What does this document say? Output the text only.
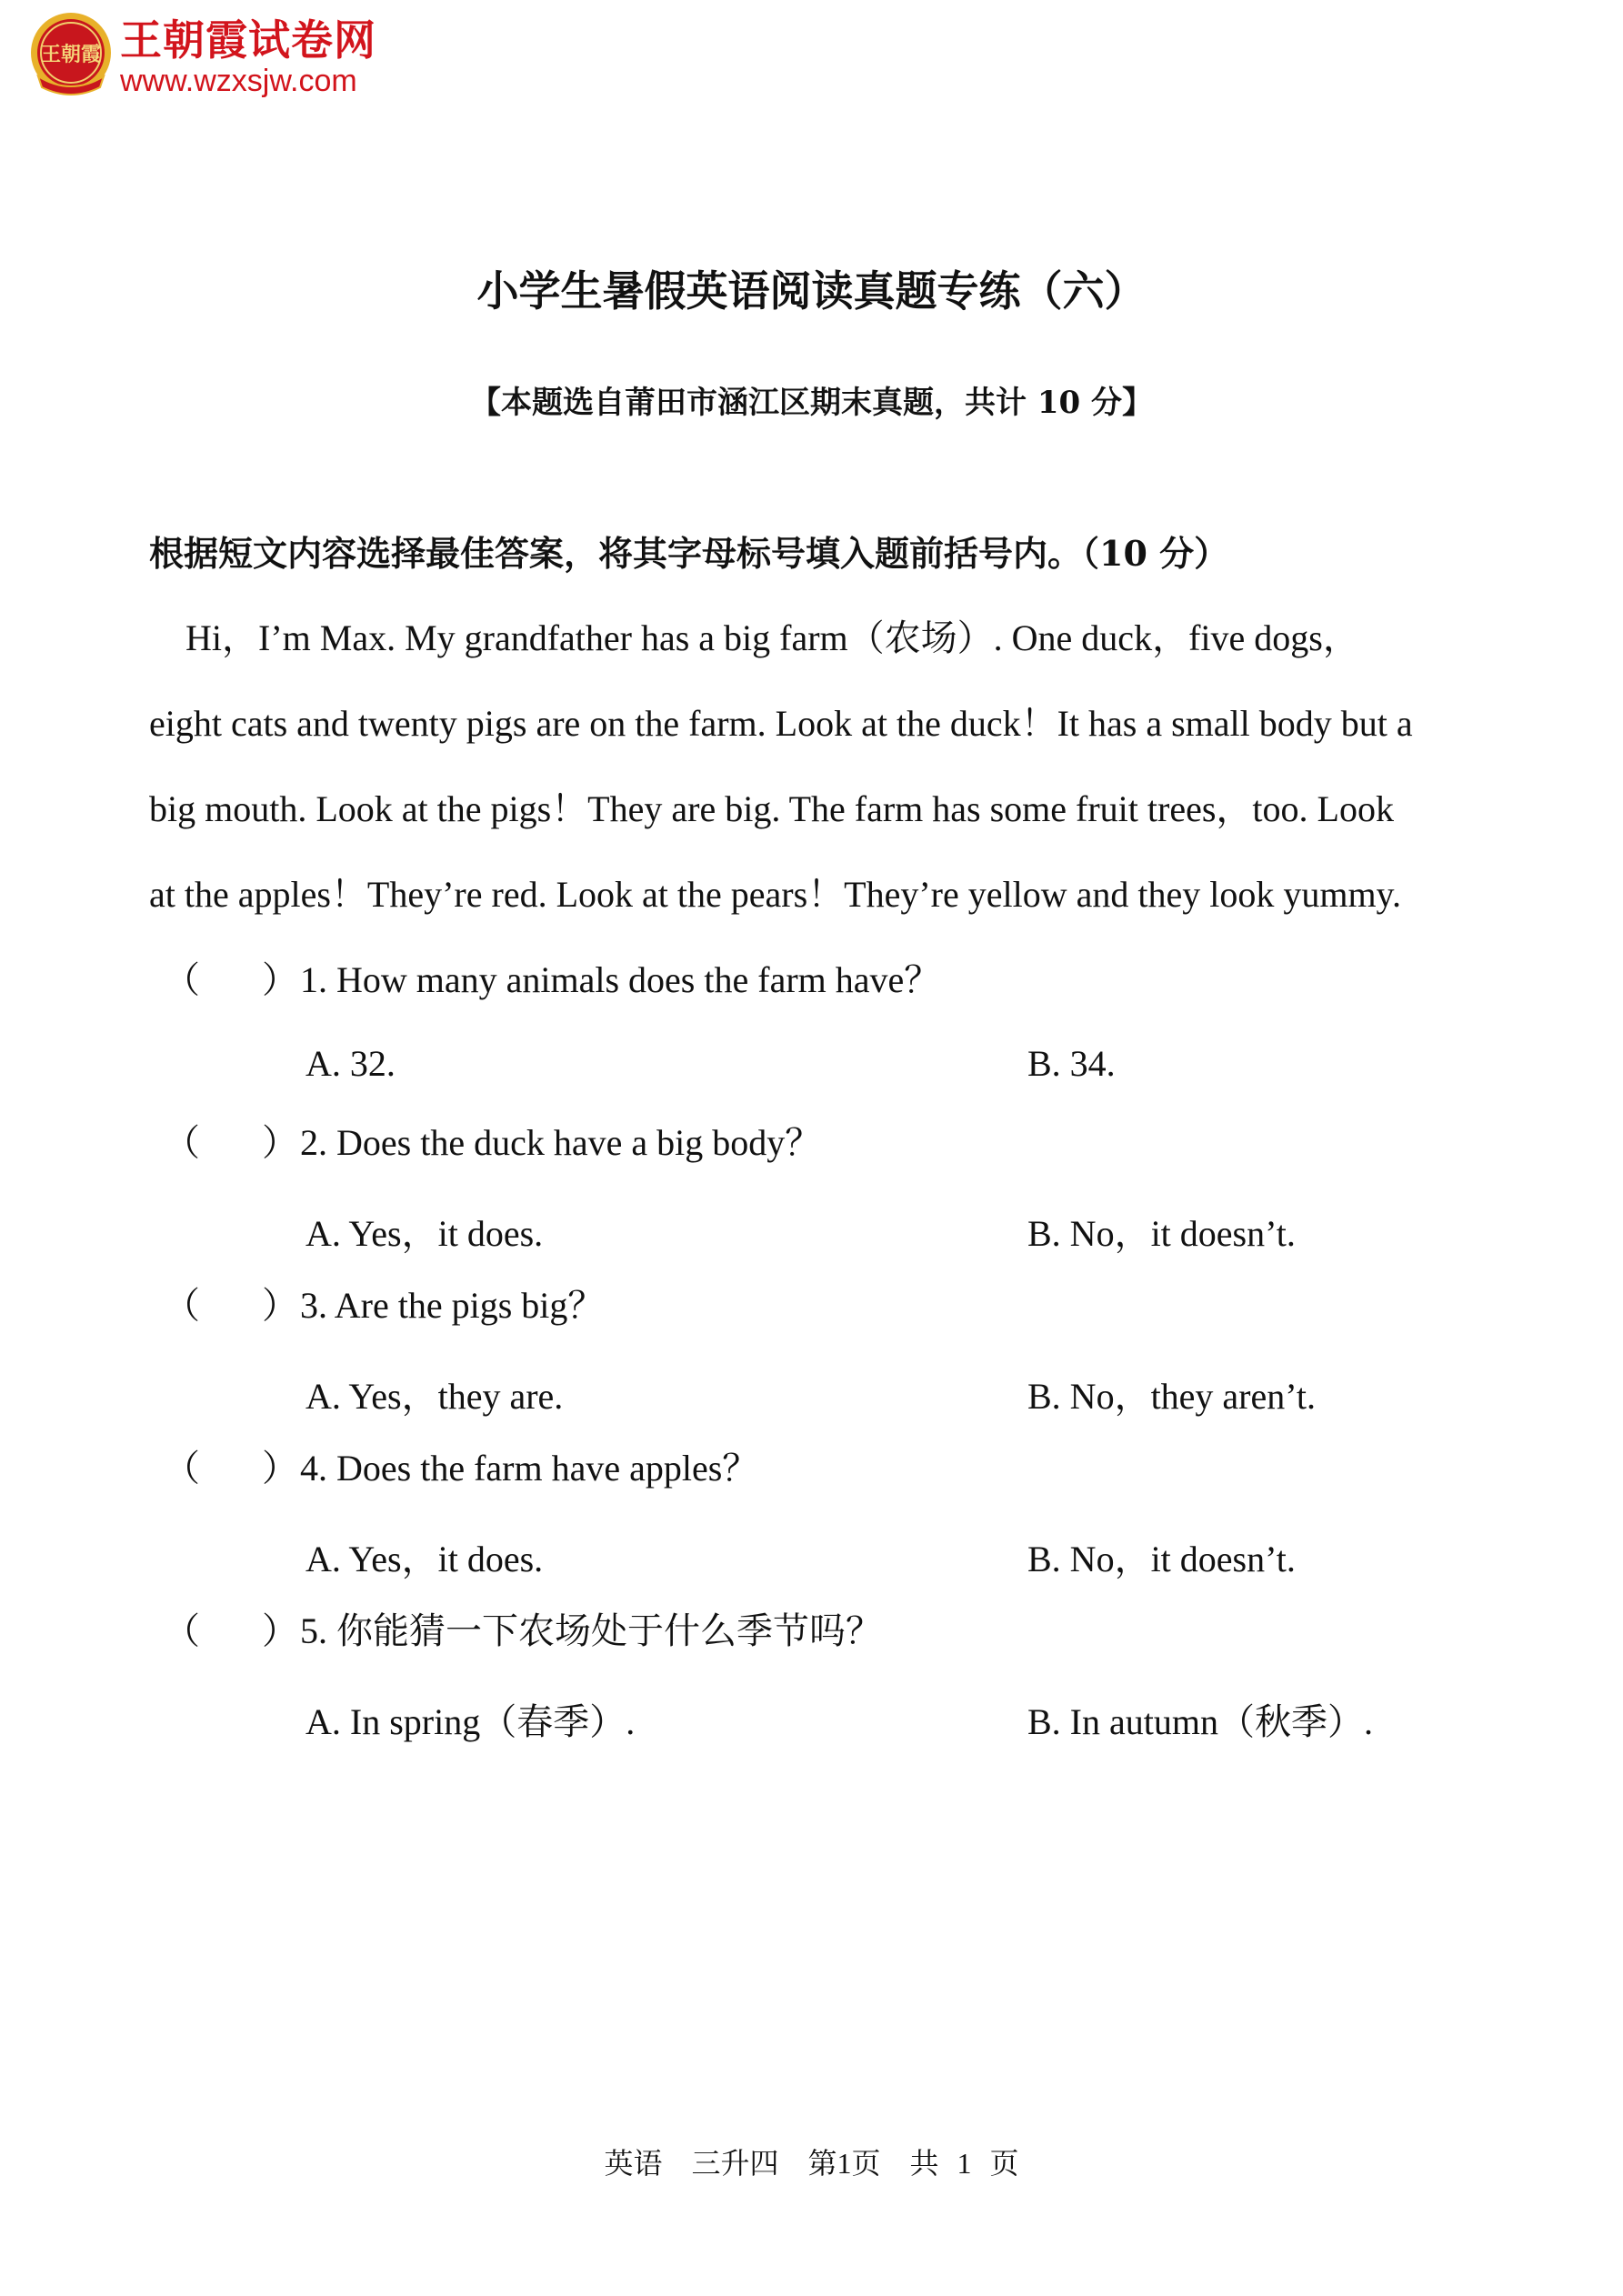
王朝霞 王朝霞试卷网
www.wzxsjw.com
小学生暑假英语阅读真题专练（六）
【本题选自莆田市涵江区期末真题，共计 10 分】
根据短文内容选择最佳答案，将其字母标号填入题前括号内。（10 分）
　Hi，I’m Max. My grandfather has a big farm（农场）. One duck，five dogs，
eight cats and twenty pigs are on the farm. Look at the duck！It has a small body but a
big mouth. Look at the pigs！They are big. The farm has some fruit trees，too. Look
at the apples！They’re red. Look at the pears！They’re yellow and they look yummy.
（ ） 1. How many animals does the farm have？
A. 32.	B. 34.
（ ） 2. Does the duck have a big body？
A. Yes，it does.	B. No，it doesn’t.
（ ） 3. Are the pigs big？
A. Yes，they are.	B. No，they aren’t.
（ ） 4. Does the farm have apples？
A. Yes，it does.	B. No，it doesn’t.
（ ） 5. 你能猜一下农场处于什么季节吗？
A. In spring（春季）.	B. In autumn（秋季）.
英语　三升四　第1页　共 1 页
